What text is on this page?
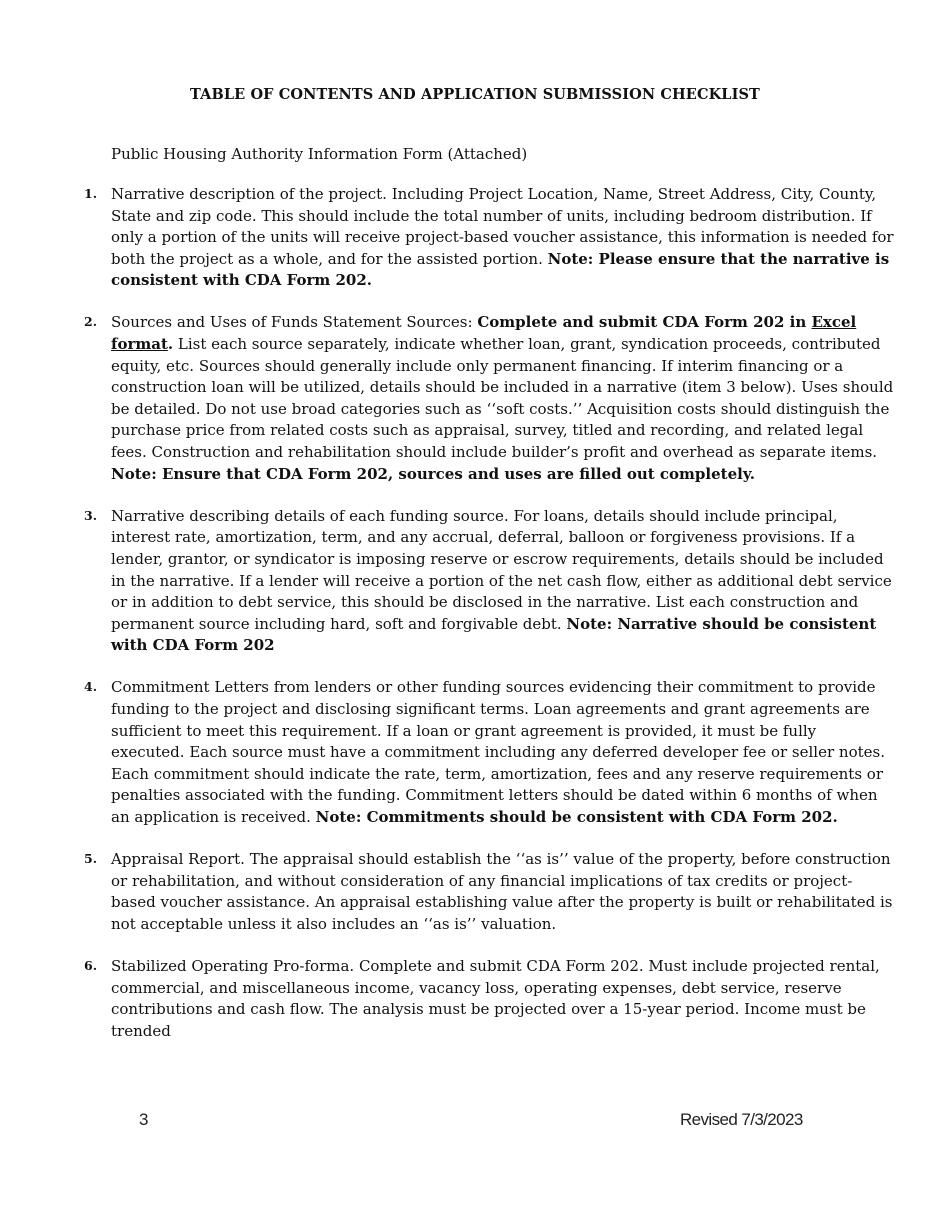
TABLE OF CONTENTS AND APPLICATION SUBMISSION CHECKLIST
Public Housing Authority Information Form (Attached)
1. Narrative description of the project. Including Project Location, Name, Street Address, City, County, State and zip code. This should include the total number of units, including bedroom distribution. If only a portion of the units will receive project-based voucher assistance, this information is needed for both the project as a whole, and for the assisted portion. Note: Please ensure that the narrative is consistent with CDA Form 202.
2. Sources and Uses of Funds Statement Sources: Complete and submit CDA Form 202 in Excel format. List each source separately, indicate whether loan, grant, syndication proceeds, contributed equity, etc. Sources should generally include only permanent financing. If interim financing or a construction loan will be utilized, details should be included in a narrative (item 3 below). Uses should be detailed. Do not use broad categories such as ‘‘soft costs.’’ Acquisition costs should distinguish the purchase price from related costs such as appraisal, survey, titled and recording, and related legal fees. Construction and rehabilitation should include builder’s profit and overhead as separate items. Note: Ensure that CDA Form 202, sources and uses are filled out completely.
3. Narrative describing details of each funding source. For loans, details should include principal, interest rate, amortization, term, and any accrual, deferral, balloon or forgiveness provisions. If a lender, grantor, or syndicator is imposing reserve or escrow requirements, details should be included in the narrative. If a lender will receive a portion of the net cash flow, either as additional debt service or in addition to debt service, this should be disclosed in the narrative. List each construction and permanent source including hard, soft and forgivable debt. Note: Narrative should be consistent with CDA Form 202
4. Commitment Letters from lenders or other funding sources evidencing their commitment to provide funding to the project and disclosing significant terms. Loan agreements and grant agreements are sufficient to meet this requirement. If a loan or grant agreement is provided, it must be fully executed. Each source must have a commitment including any deferred developer fee or seller notes. Each commitment should indicate the rate, term, amortization, fees and any reserve requirements or penalties associated with the funding. Commitment letters should be dated within 6 months of when an application is received. Note: Commitments should be consistent with CDA Form 202.
5. Appraisal Report. The appraisal should establish the ‘‘as is’’ value of the property, before construction or rehabilitation, and without consideration of any financial implications of tax credits or project- based voucher assistance. An appraisal establishing value after the property is built or rehabilitated is not acceptable unless it also includes an ‘‘as is’’ valuation.
6. Stabilized Operating Pro-forma. Complete and submit CDA Form 202. Must include projected rental, commercial, and miscellaneous income, vacancy loss, operating expenses, debt service, reserve contributions and cash flow. The analysis must be projected over a 15-year period. Income must be trended
3	Revised 7/3/2023
